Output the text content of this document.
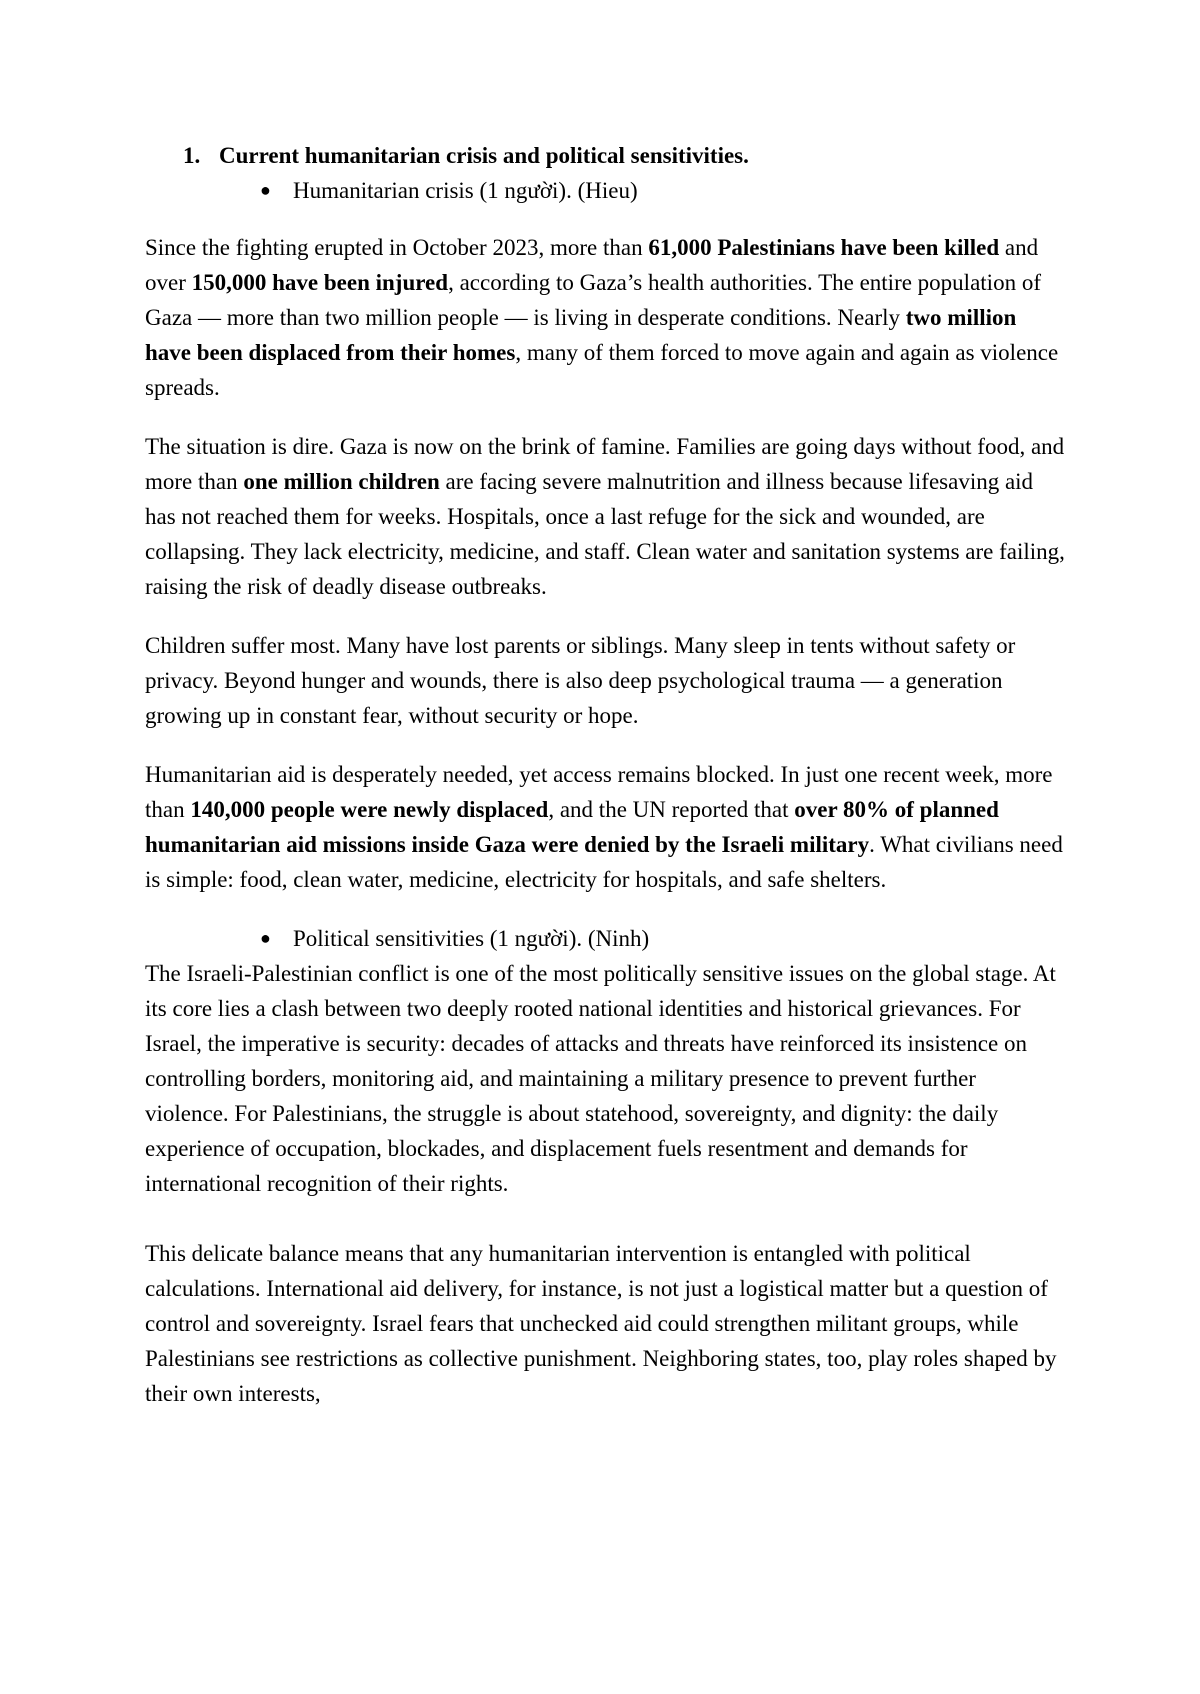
1. Current humanitarian crisis and political sensitivities.
● Humanitarian crisis (1 người). (Hieu)

Since the fighting erupted in October 2023, more than 61,000 Palestinians have been killed and over 150,000 have been injured, according to Gaza’s health authorities. The entire population of Gaza — more than two million people — is living in desperate conditions. Nearly two million have been displaced from their homes, many of them forced to move again and again as violence spreads.

The situation is dire. Gaza is now on the brink of famine. Families are going days without food, and more than one million children are facing severe malnutrition and illness because lifesaving aid has not reached them for weeks. Hospitals, once a last refuge for the sick and wounded, are collapsing. They lack electricity, medicine, and staff. Clean water and sanitation systems are failing, raising the risk of deadly disease outbreaks.

Children suffer most. Many have lost parents or siblings. Many sleep in tents without safety or privacy. Beyond hunger and wounds, there is also deep psychological trauma — a generation growing up in constant fear, without security or hope.

Humanitarian aid is desperately needed, yet access remains blocked. In just one recent week, more than 140,000 people were newly displaced, and the UN reported that over 80% of planned humanitarian aid missions inside Gaza were denied by the Israeli military. What civilians need is simple: food, clean water, medicine, electricity for hospitals, and safe shelters.

● Political sensitivities (1 người). (Ninh)

The Israeli-Palestinian conflict is one of the most politically sensitive issues on the global stage. At its core lies a clash between two deeply rooted national identities and historical grievances. For Israel, the imperative is security: decades of attacks and threats have reinforced its insistence on controlling borders, monitoring aid, and maintaining a military presence to prevent further violence. For Palestinians, the struggle is about statehood, sovereignty, and dignity: the daily experience of occupation, blockades, and displacement fuels resentment and demands for international recognition of their rights.

This delicate balance means that any humanitarian intervention is entangled with political calculations. International aid delivery, for instance, is not just a logistical matter but a question of control and sovereignty. Israel fears that unchecked aid could strengthen militant groups, while Palestinians see restrictions as collective punishment. Neighboring states, too, play roles shaped by their own interests,
